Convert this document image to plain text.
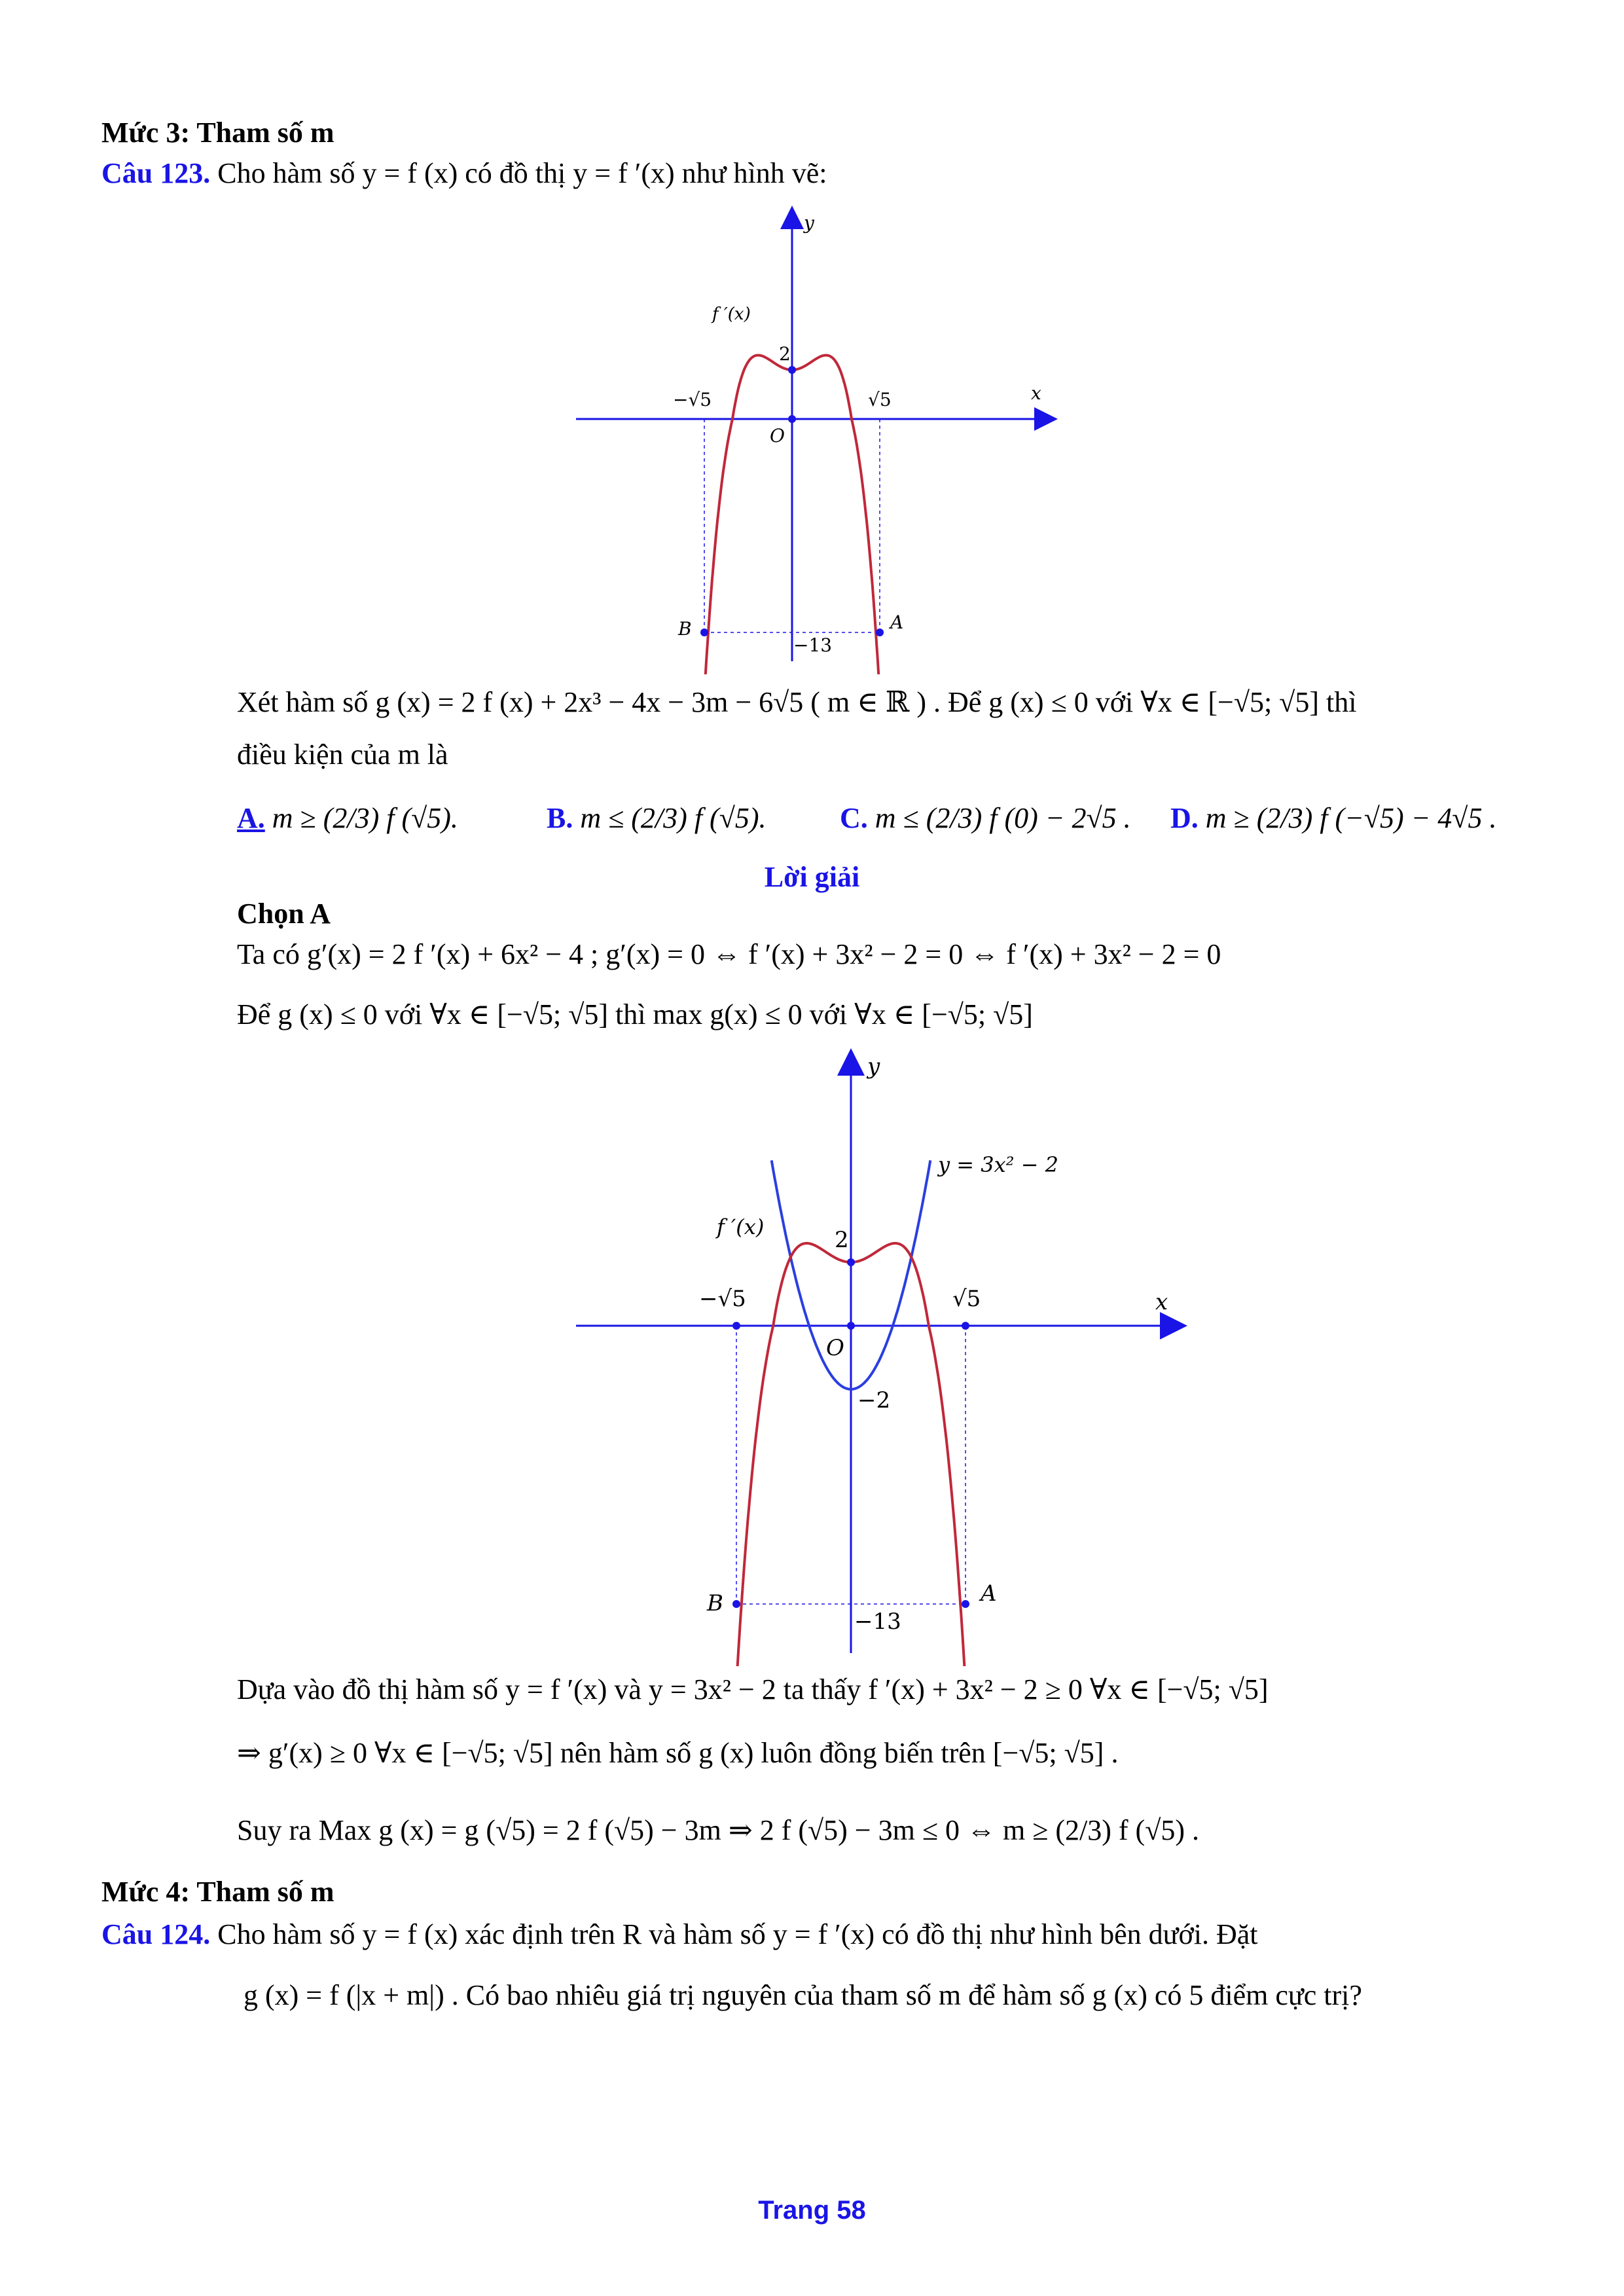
Mức 3: Tham số m
Câu 123. Cho hàm số y = f (x) có đồ thị y = f ′(x) như hình vẽ:
y
x
O
f ′(x)
2
−√5	√5
−13
B	A
Xét hàm số g (x) = 2 f (x) + 2x³ − 4x − 3m − 6√5 ( m ∈ ℝ ) . Để g (x) ≤ 0 với ∀x ∈ [−√5; √5] thì
điều kiện của m là
A. m ≥ (2/3) f (√5).	B. m ≤ (2/3) f (√5).	C. m ≤ (2/3) f (0) − 2√5 . D. m ≥ (2/3) f (−√5) − 4√5 .
Lời giải
Chọn A
Ta có g′(x) = 2 f ′(x) + 6x² − 4 ; g′(x) = 0 ⇔ f ′(x) + 3x² − 2 = 0 ⇔ f ′(x) + 3x² − 2 = 0
Để g (x) ≤ 0 với ∀x ∈ [−√5; √5] thì max g(x) ≤ 0 với ∀x ∈ [−√5; √5]
y
x
O
f ′(x)
y = 3x² − 2
2
−2
−√5	√5
−13
B	A
Dựa vào đồ thị hàm số y = f ′(x) và y = 3x² − 2 ta thấy f ′(x) + 3x² − 2 ≥ 0 ∀x ∈ [−√5; √5]
⇒ g′(x) ≥ 0 ∀x ∈ [−√5; √5] nên hàm số g (x) luôn đồng biến trên [−√5; √5] .
Suy ra Max g (x) = g (√5) = 2 f (√5) − 3m ⇒ 2 f (√5) − 3m ≤ 0 ⇔ m ≥ (2/3) f (√5) .
Mức 4: Tham số m
Câu 124. Cho hàm số y = f (x) xác định trên R và hàm số y = f ′(x) có đồ thị như hình bên dưới. Đặt
g (x) = f (|x + m|) . Có bao nhiêu giá trị nguyên của tham số m để hàm số g (x) có 5 điểm cực trị?
Trang 58
